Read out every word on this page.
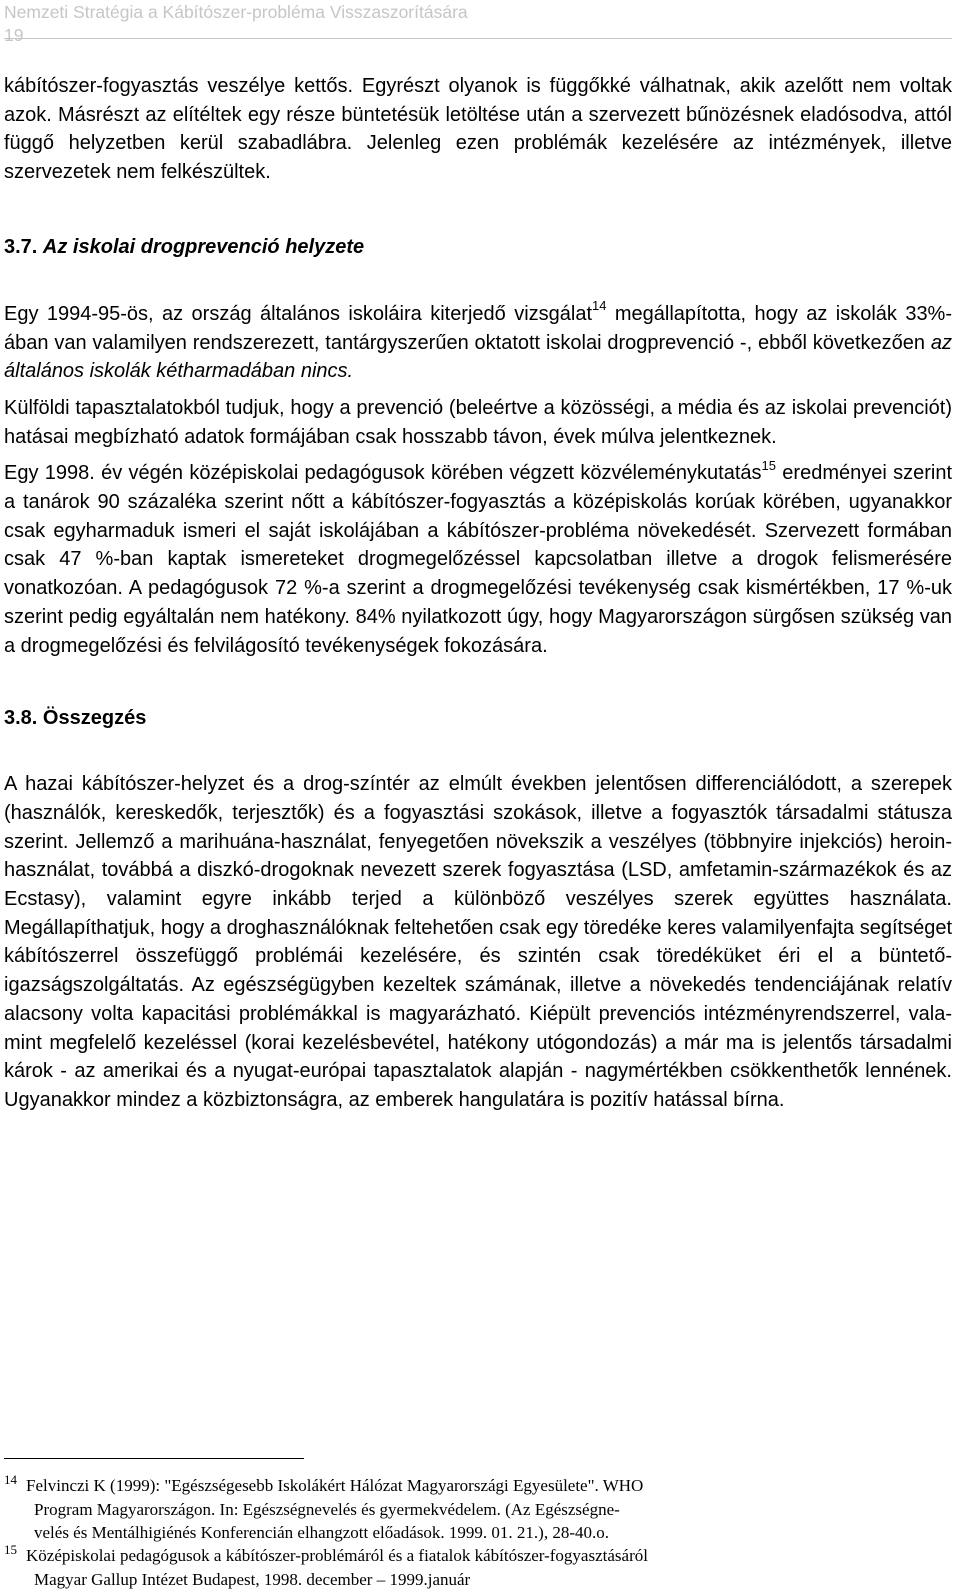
Nemzeti Stratégia a Kábítószer-probléma Visszaszorítására

19

kábítószer-fogyasztás veszélye kettős. Egyrészt olyanok is függőkké válhatnak, akik azelőtt nem voltak azok. Másrészt az elítéltek egy része büntetésük letöltése után a szervezett bűnözésnek eladósodva, attól függő helyzetben kerül szabadlábra. Jelenleg ezen problémák kezelésére az intézmények, illetve szervezetek nem felkészültek.

3.7. Az iskolai drogprevenció helyzete

Egy 1994-95-ös, az ország általános iskoláira kiterjedő vizsgálat$^{14}$ megállapította, hogy az iskolák 33%-ában van valamilyen rendszerezett, tantárgyszerűen oktatott iskolai drogprevenció -, ebből következően az általános iskolák kétharmadában nincs.

Külföldi tapasztalatokból tudjuk, hogy a prevenció (beleértve a közösségi, a média és az iskolai prevenciót) hatásai megbízható adatok formájában csak hosszabb távon, évek múlva jelentkeznek.

Egy 1998. év végén középiskolai pedagógusok körében végzett közvéleménykutatás$^{15}$ eredményei szerint a tanárok 90 százaléka szerint nőtt a kábítószer-fogyasztás a középiskolás korúak körében, ugyanakkor csak egyharmaduk ismeri el saját iskolájában a kábítószer-probléma növekedését. Szervezett formában csak 47 %-ban kaptak ismereteket drogmegelőzéssel kapcsolatban illetve a drogok felismerésére vonatkozóan. A pedagógusok 72 %-a szerint a drogmegelőzési tevékenység csak kismértékben, 17 %-uk szerint pedig egyáltalán nem hatékony. 84% nyilatkozott úgy, hogy Magyarországon sürgősen szükség van a drogmegelőzési és felvilágosító tevékenységek fokozására.

3.8. Összegzés

A hazai kábítószer-helyzet és a drog-színtér az elmúlt években jelentősen differenciálódott, a szerepek (használók, kereskedők, terjesztők) és a fogyasztási szokások, illetve a fogyasztók társadalmi státusza szerint. Jellemző a marihuána-használat, fenyegetően növekszik a veszélyes (többnyire injekciós) heroin-használat, továbbá a diszkó-drogoknak nevezett szerek fogyasztása (LSD, amfetamin-származékok és az Ecstasy), valamint egyre inkább terjed a különböző veszélyes szerek együttes használata. Megállapíthatjuk, hogy a droghasználóknak feltehetően csak egy töredéke keres valamilyenfajta segítséget kábítószerrel összefüggő problémái kezelésére, és szintén csak töredéküket éri el a büntető-igazságszolgáltatás. Az egészségügyben kezeltek számának, illetve a növekedés tendenciájának relatív alacsony volta kapacitási problémákkal is magyarázható. Kiépült prevenciós intézményrendszerrel, valamint megfelelő kezeléssel (korai kezelésbevétel, hatékony utógondozás) a már ma is jelentős társadalmi károk - az amerikai és a nyugat-európai tapasztalatok alapján - nagymértékben csökkenthetők lennének. Ugyanakkor mindez a közbiztonságra, az emberek hangulatára is pozitív hatással bírna.

14 Felvinczi K (1999): "Egészségesebb Iskolákért Hálózat Magyarországi Egyesülete". WHO
Program Magyarországon. In: Egészségnevelés és gyermekvédelem. (Az Egészségne-
velés és Mentálhigiénés Konferencián elhangzott előadások. 1999. 01. 21.), 28-40.o.

15 Középiskolai pedagógusok a kábítószer-problémáról és a fiatalok kábítószer-fogyasztásáról
Magyar Gallup Intézet Budapest, 1998. december – 1999.január
